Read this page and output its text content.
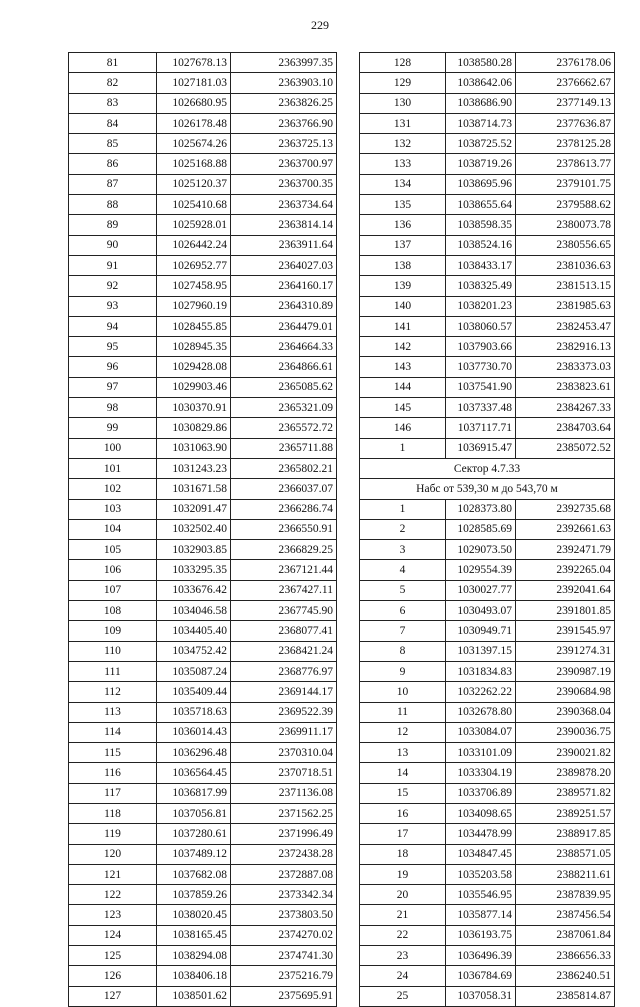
229
81	1027678.13	2363997.35
82	1027181.03	2363903.10
83	1026680.95	2363826.25
84	1026178.48	2363766.90
85	1025674.26	2363725.13
86	1025168.88	2363700.97
87	1025120.37	2363700.35
88	1025410.68	2363734.64
89	1025928.01	2363814.14
90	1026442.24	2363911.64
91	1026952.77	2364027.03
92	1027458.95	2364160.17
93	1027960.19	2364310.89
94	1028455.85	2364479.01
95	1028945.35	2364664.33
96	1029428.08	2364866.61
97	1029903.46	2365085.62
98	1030370.91	2365321.09
99	1030829.86	2365572.72
100	1031063.90	2365711.88
101	1031243.23	2365802.21
102	1031671.58	2366037.07
103	1032091.47	2366286.74
104	1032502.40	2366550.91
105	1032903.85	2366829.25
106	1033295.35	2367121.44
107	1033676.42	2367427.11
108	1034046.58	2367745.90
109	1034405.40	2368077.41
110	1034752.42	2368421.24
111	1035087.24	2368776.97
112	1035409.44	2369144.17
113	1035718.63	2369522.39
114	1036014.43	2369911.17
115	1036296.48	2370310.04
116	1036564.45	2370718.51
117	1036817.99	2371136.08
118	1037056.81	2371562.25
119	1037280.61	2371996.49
120	1037489.12	2372438.28
121	1037682.08	2372887.08
122	1037859.26	2373342.34
123	1038020.45	2373803.50
124	1038165.45	2374270.02
125	1038294.08	2374741.30
126	1038406.18	2375216.79
127	1038501.62	2375695.91
128	1038580.28	2376178.06
129	1038642.06	2376662.67
130	1038686.90	2377149.13
131	1038714.73	2377636.87
132	1038725.52	2378125.28
133	1038719.26	2378613.77
134	1038695.96	2379101.75
135	1038655.64	2379588.62
136	1038598.35	2380073.78
137	1038524.16	2380556.65
138	1038433.17	2381036.63
139	1038325.49	2381513.15
140	1038201.23	2381985.63
141	1038060.57	2382453.47
142	1037903.66	2382916.13
143	1037730.70	2383373.03
144	1037541.90	2383823.61
145	1037337.48	2384267.33
146	1037117.71	2384703.64
1	1036915.47	2385072.52
Сектор 4.7.33		
Набс от 539,30 м до 543,70 м		
1	1028373.80	2392735.68
2	1028585.69	2392661.63
3	1029073.50	2392471.79
4	1029554.39	2392265.04
5	1030027.77	2392041.64
6	1030493.07	2391801.85
7	1030949.71	2391545.97
8	1031397.15	2391274.31
9	1031834.83	2390987.19
10	1032262.22	2390684.98
11	1032678.80	2390368.04
12	1033084.07	2390036.75
13	1033101.09	2390021.82
14	1033304.19	2389878.20
15	1033706.89	2389571.82
16	1034098.65	2389251.57
17	1034478.99	2388917.85
18	1034847.45	2388571.05
19	1035203.58	2388211.61
20	1035546.95	2387839.95
21	1035877.14	2387456.54
22	1036193.75	2387061.84
23	1036496.39	2386656.33
24	1036784.69	2386240.51
25	1037058.31	2385814.87
